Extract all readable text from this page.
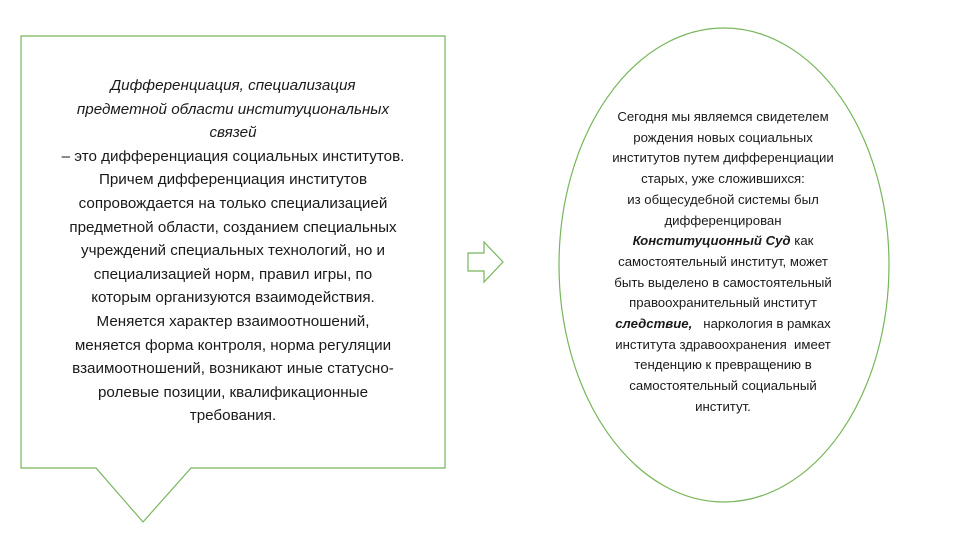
Дифференциация, специализация
предметной области институциональных
связей
– это дифференциация социальных институтов.
Причем дифференциация институтов
сопровождается на только специализацией
предметной области, созданием специальных
учреждений специальных технологий, но и
специализацией норм, правил игры, по
которым организуются взаимодействия.
Меняется характер взаимоотношений,
меняется форма контроля, норма регуляции
взаимоотношений, возникают иные статусно-
ролевые позиции, квалификационные
требования.
Сегодня мы являемся свидетелем
рождения новых социальных
институтов путем дифференциации
старых, уже сложившихся:
из общесудебной системы был
дифференцирован
Конституционный Суд как
самостоятельный институт, может
быть выделено в самостоятельный
правоохранительный институт
следствие,   наркология в рамках
института здравоохранения  имеет
тенденцию к превращению в
самостоятельный социальный
институт.
